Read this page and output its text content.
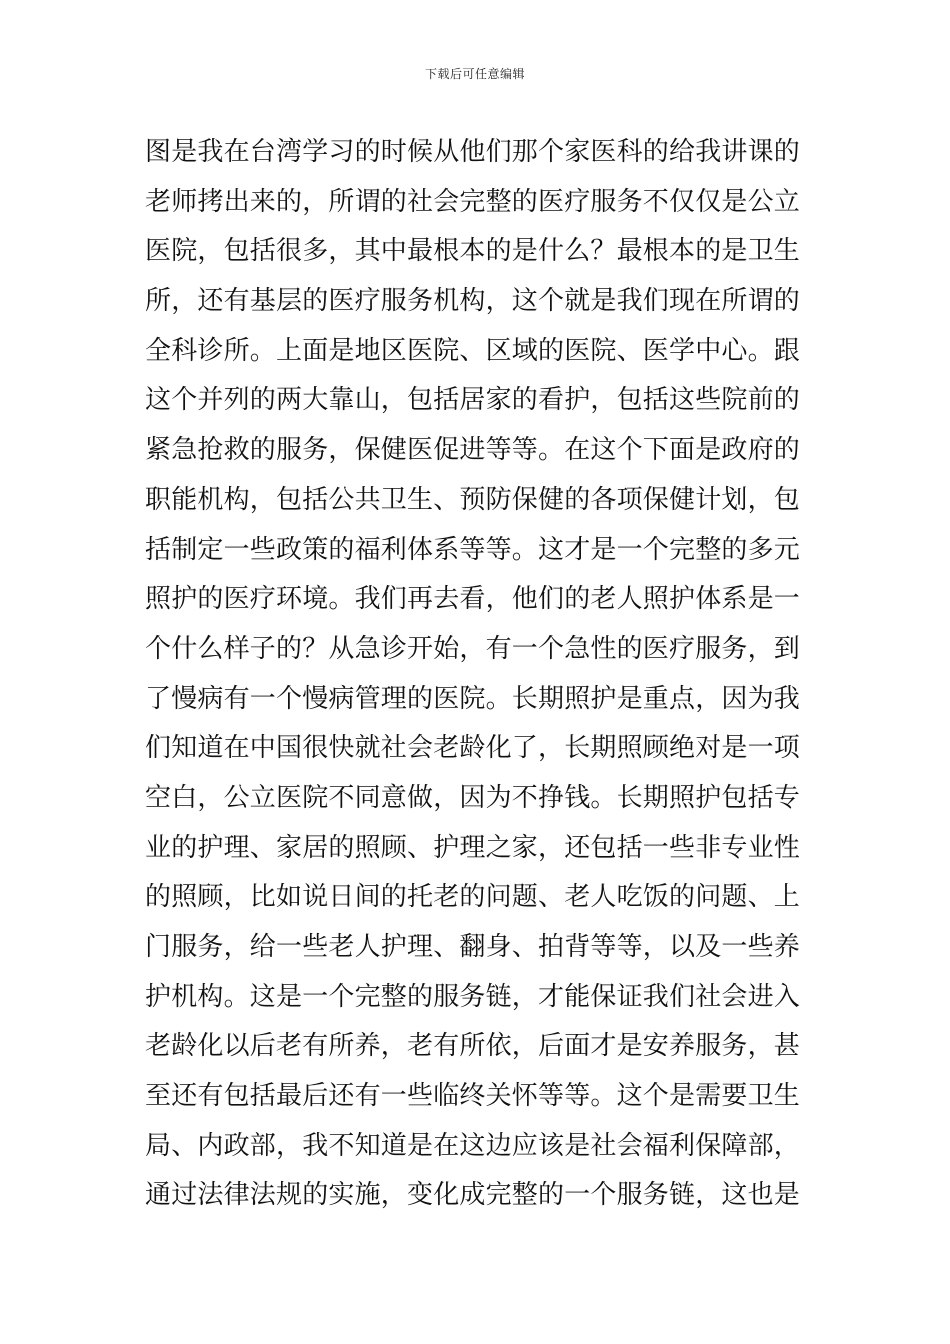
下载后可任意编辑
图是我在台湾学习的时候从他们那个家医科的给我讲课的
老师拷出来的，所谓的社会完整的医疗服务不仅仅是公立
医院，包括很多，其中最根本的是什么？最根本的是卫生
所，还有基层的医疗服务机构，这个就是我们现在所谓的
全科诊所。上面是地区医院、区域的医院、医学中心。跟
这个并列的两大靠山，包括居家的看护，包括这些院前的
紧急抢救的服务，保健医促进等等。在这个下面是政府的
职能机构，包括公共卫生、预防保健的各项保健计划，包
括制定一些政策的福利体系等等。这才是一个完整的多元
照护的医疗环境。我们再去看，他们的老人照护体系是一
个什么样子的？从急诊开始，有一个急性的医疗服务，到
了慢病有一个慢病管理的医院。长期照护是重点，因为我
们知道在中国很快就社会老龄化了，长期照顾绝对是一项
空白，公立医院不同意做，因为不挣钱。长期照护包括专
业的护理、家居的照顾、护理之家，还包括一些非专业性
的照顾，比如说日间的托老的问题、老人吃饭的问题、上
门服务，给一些老人护理、翻身、拍背等等，以及一些养
护机构。这是一个完整的服务链，才能保证我们社会进入
老龄化以后老有所养，老有所依，后面才是安养服务，甚
至还有包括最后还有一些临终关怀等等。这个是需要卫生
局、内政部，我不知道是在这边应该是社会福利保障部，
通过法律法规的实施，变化成完整的一个服务链，这也是
